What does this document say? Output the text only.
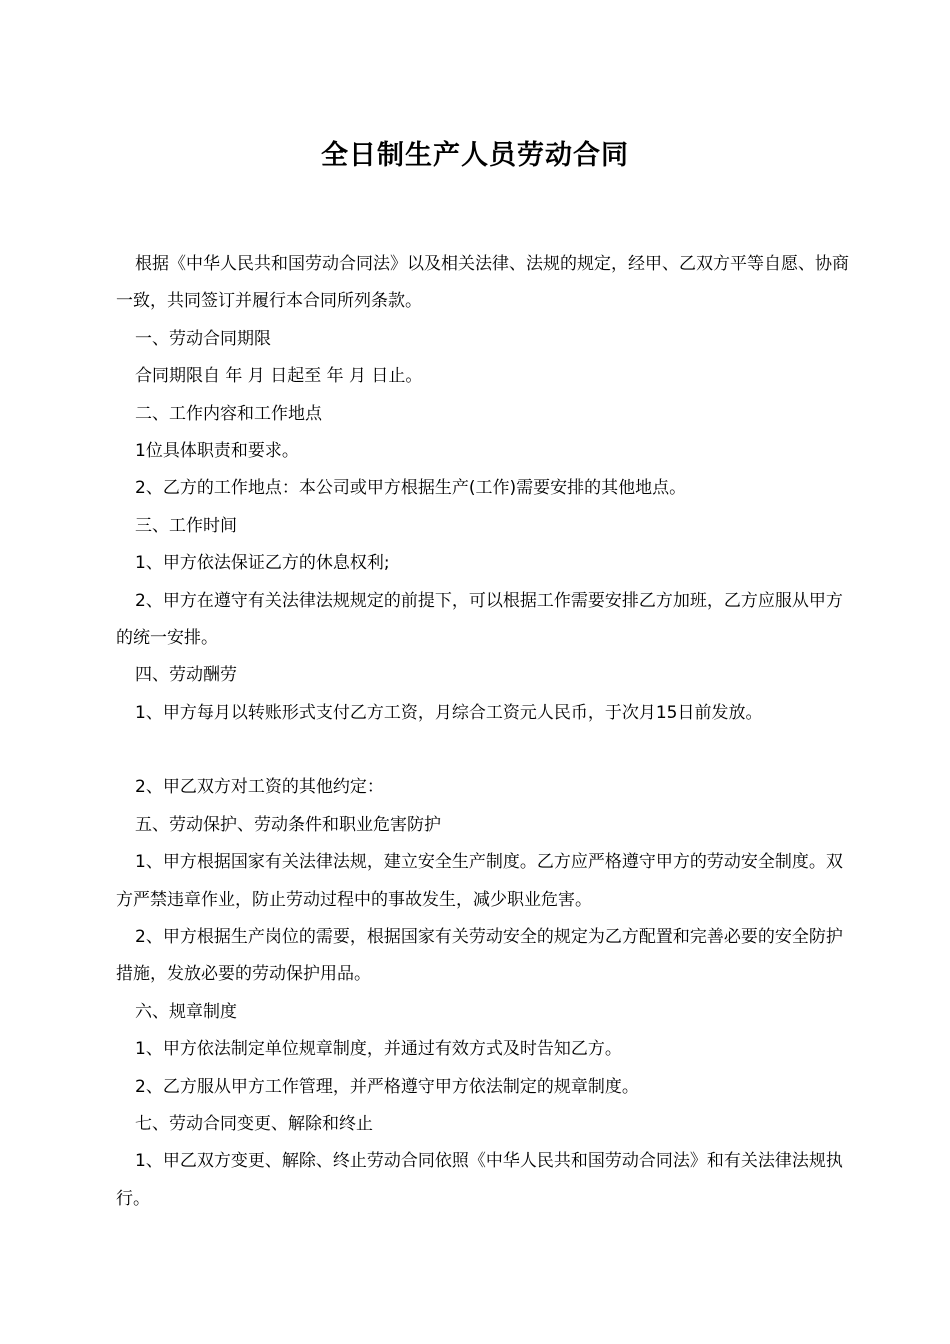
全日制生产人员劳动合同

根据《中华人民共和国劳动合同法》以及相关法律、法规的规定，经甲、乙双方平等自愿、协商一致，共同签订并履行本合同所列条款。

一、劳动合同期限

合同期限自 年 月 日起至 年 月 日止。

二、工作内容和工作地点

1位具体职责和要求。

2、乙方的工作地点：本公司或甲方根据生产(工作)需要安排的其他地点。

三、工作时间

1、甲方依法保证乙方的休息权利;

2、甲方在遵守有关法律法规规定的前提下，可以根据工作需要安排乙方加班，乙方应服从甲方的统一安排。

四、劳动酬劳

1、甲方每月以转账形式支付乙方工资，月综合工资元人民币，于次月15日前发放。

2、甲乙双方对工资的其他约定：

五、劳动保护、劳动条件和职业危害防护

1、甲方根据国家有关法律法规，建立安全生产制度。乙方应严格遵守甲方的劳动安全制度。双方严禁违章作业，防止劳动过程中的事故发生，减少职业危害。

2、甲方根据生产岗位的需要，根据国家有关劳动安全的规定为乙方配置和完善必要的安全防护措施，发放必要的劳动保护用品。

六、规章制度

1、甲方依法制定单位规章制度，并通过有效方式及时告知乙方。

2、乙方服从甲方工作管理，并严格遵守甲方依法制定的规章制度。

七、劳动合同变更、解除和终止

1、甲乙双方变更、解除、终止劳动合同依照《中华人民共和国劳动合同法》和有关法律法规执行。
